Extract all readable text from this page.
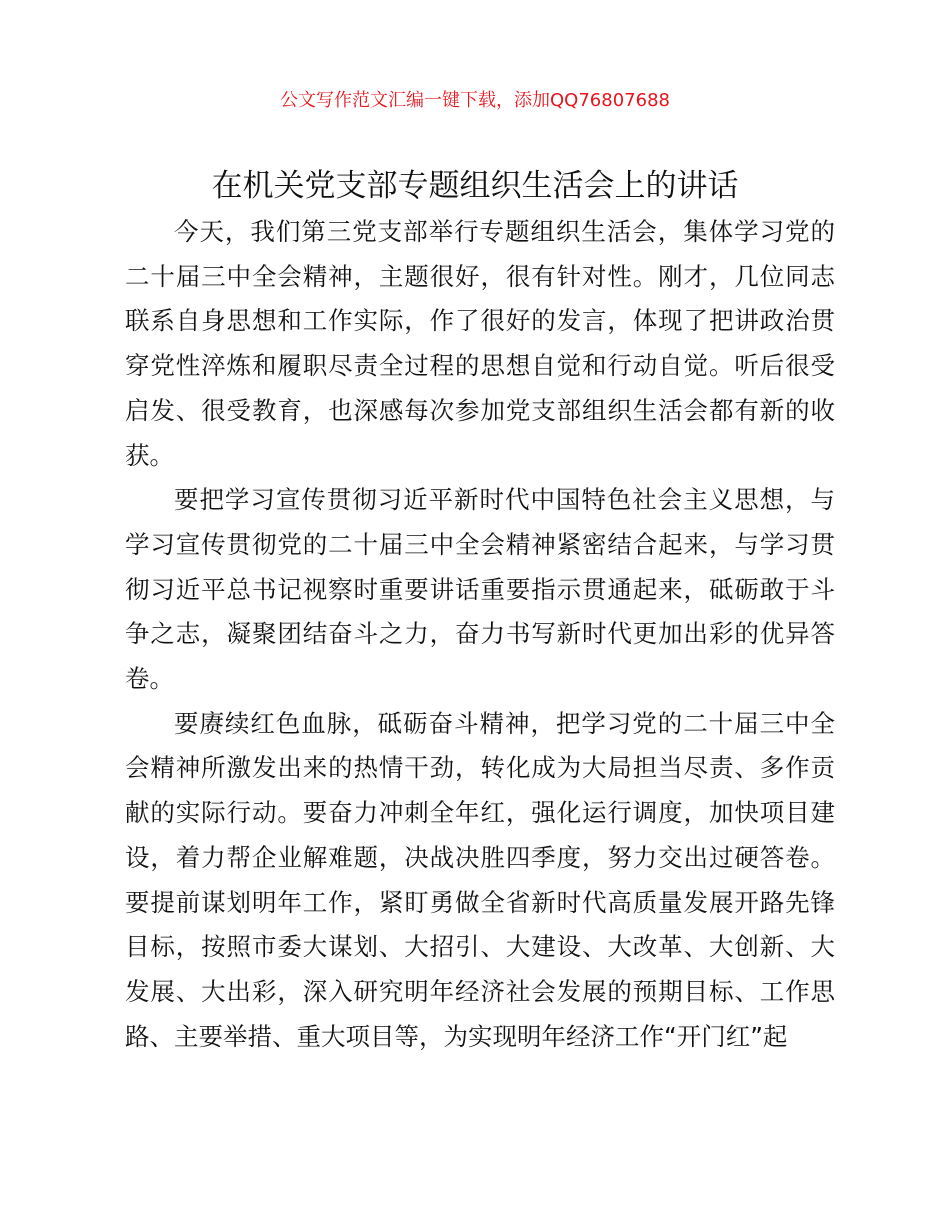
公文写作范文汇编一键下载，添加QQ76807688
在机关党支部专题组织生活会上的讲话

今天，我们第三党支部举行专题组织生活会，集体学习党的二十届三中全会精神，主题很好，很有针对性。刚才，几位同志联系自身思想和工作实际，作了很好的发言，体现了把讲政治贯穿党性淬炼和履职尽责全过程的思想自觉和行动自觉。听后很受启发、很受教育，也深感每次参加党支部组织生活会都有新的收获。

要把学习宣传贯彻习近平新时代中国特色社会主义思想，与学习宣传贯彻党的二十届三中全会精神紧密结合起来，与学习贯彻习近平总书记视察时重要讲话重要指示贯通起来，砥砺敢于斗争之志，凝聚团结奋斗之力，奋力书写新时代更加出彩的优异答卷。

要赓续红色血脉，砥砺奋斗精神，把学习党的二十届三中全会精神所激发出来的热情干劲，转化成为大局担当尽责、多作贡献的实际行动。要奋力冲刺全年红，强化运行调度，加快项目建设，着力帮企业解难题，决战决胜四季度，努力交出过硬答卷。要提前谋划明年工作，紧盯勇做全省新时代高质量发展开路先锋目标，按照市委大谋划、大招引、大建设、大改革、大创新、大发展、大出彩，深入研究明年经济社会发展的预期目标、工作思路、主要举措、重大项目等，为实现明年经济工作“开门红”起
